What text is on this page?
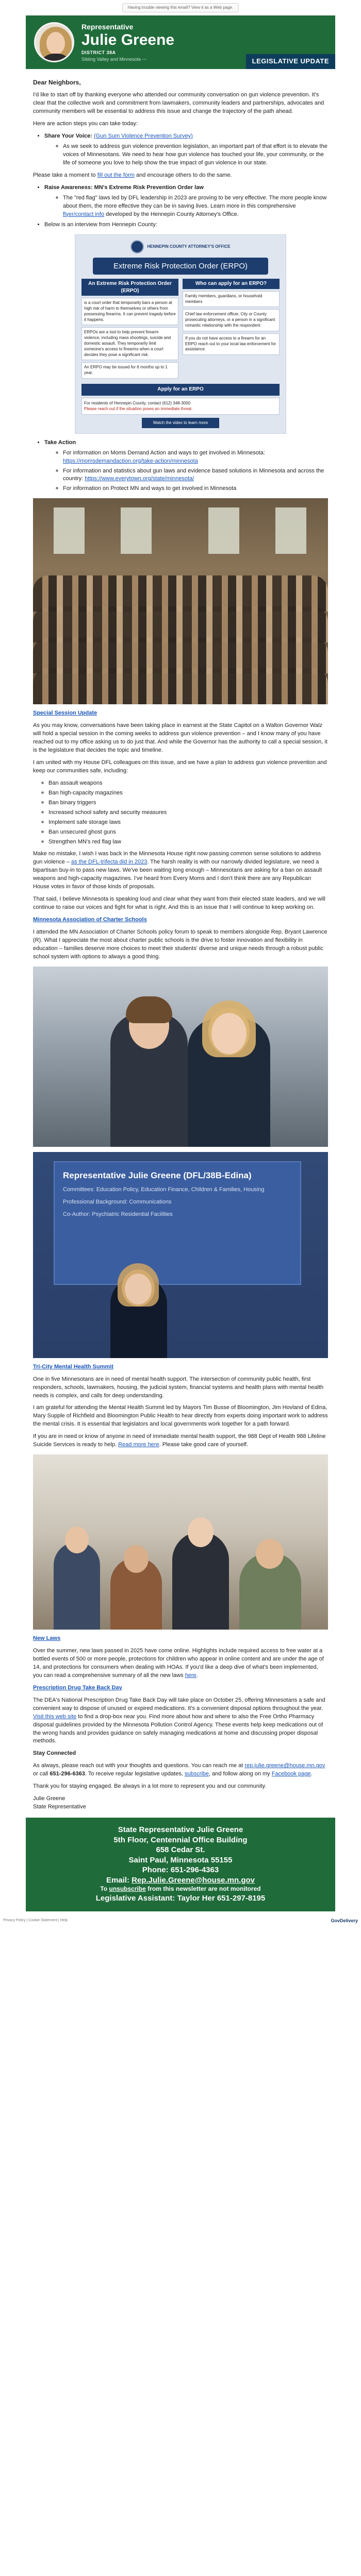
Having trouble viewing this email? View it as a Web page.
Representative
Julie Greene
DISTRICT 38A
Sibling Valley and Minnesota ---	LEGISLATIVE UPDATE

Dear Neighbors,

I'd like to start off by thanking everyone who attended our community conversation on gun violence prevention. It's clear that the collective work and commitment from lawmakers, community leaders and partnerships, advocates and community members will be essential to address this issue and change the trajectory of the path ahead.

Here are action steps you can take today:

• Share Your Voice: (Gun Sum Violence Prevention Survey)
◦ As we seek to address gun violence prevention legislation, an important part of that effort is to elevate the voices of Minnesotans. We need to hear how gun violence has touched your life, your community, or the life of someone you love to help show the true impact of gun violence in our state.

Please take a moment to fill out the form and encourage others to do the same.

• Raise Awareness: MN's Extreme Risk Prevention Order law
◦ The "red flag" laws led by DFL leadership in 2023 are proving to be very effective. The more people know about them, the more effective they can be in saving lives. Learn more in this comprehensive flyer/contact info developed by the Hennepin County Attorney's Office.
• Below is an interview from Hennepin County:
HENNEPIN COUNTY ATTORNEY'S OFFICE
Extreme Risk Protection Order (ERPO)
An Extreme Risk Protection Order (ERPO)
is a court order that temporarily bars a person at high risk of harm to themselves or others from possessing firearms. It can prevent tragedy before it happens.
ERPOs are a tool to help prevent firearm violence, including mass shootings, suicide and domestic assault. They temporarily limit someone's access to firearms when a court decides they pose a significant risk.
An ERPO may be issued for 6 months up to 1 year.
Who can apply for an ERPO?
Family members, guardians, or household members
Chief law enforcement officer, City or County prosecuting attorneys, or a person in a significant romantic relationship with the respondent
If you do not have access to a firearm for an ERPO reach out to your local law enforcement for assistance.
Apply for an ERPO
For residents of Hennepin County, contact (612) 348-3000
Please reach out if the situation poses an immediate threat.
Watch the video to learn more
• Take Action
◦ For information on Moms Demand Action and ways to get involved in Minnesota: https://momsdemandaction.org/take-action/minnesota
◦ For information and statistics about gun laws and evidence based solutions in Minnesota and across the country: https://www.everytown.org/state/minnesota/
◦ For information on Protect MN and ways to get involved in Minnesota

Special Session Update

As you may know, conversations have been taking place in earnest at the State Capitol on a Walton Governor Walz will hold a special session in the coming weeks to address gun violence prevention – and I know many of you have reached out to my office asking us to do just that. And while the Governor has the authority to call a special session, it is the legislature that decides the topic and timeline.

I am united with my House DFL colleagues on this issue, and we have a plan to address gun violence prevention and keep our communities safe, including:

◦ Ban assault weapons
◦ Ban high-capacity magazines
◦ Ban binary triggers
◦ Increased school safety and security measures
◦ Implement safe storage laws
◦ Ban unsecured ghost guns
◦ Strengthen MN's red flag law

Make no mistake, I wish I was back in the Minnesota House right now passing common sense solutions to address gun violence – as the DFL-trifecta did in 2023. The harsh reality is with our narrowly divided legislature, we need a bipartisan buy-in to pass new laws. We've been waiting long enough – Minnesotans are asking for a ban on assault weapons and high-capacity magazines. I've heard from Every Moms and I don't think there are any Republican House votes in favor of those kinds of proposals.

That said, I believe Minnesota is speaking loud and clear what they want from their elected state leaders, and we will continue to raise our voices and fight for what is right. And this is an issue that I will continue to keep working on.

Minnesota Association of Charter Schools

I attended the MN Association of Charter Schools policy forum to speak to members alongside Rep. Bryant Lawrence (R). What I appreciate the most about charter public schools is the drive to foster innovation and flexibility in education – families deserve more choices to meet their students' diverse and unique needs through a robust public school system with options to always a good thing.

Representative Julie Greene (DFL/38B-Edina)
Committees: Education Policy, Education Finance, Children & Families, Housing
Professional Background: Communications
Co-Author: Psychiatric Residential Facilities

Tri-City Mental Health Summit

One in five Minnesotans are in need of mental health support. The intersection of community public health, first responders, schools, lawmakers, housing, the judicial system, financial systems and health plans with mental health needs is complex, and calls for deep understanding.

I am grateful for attending the Mental Health Summit led by Mayors Tim Busse of Bloomington, Jim Hovland of Edina, Mary Supple of Richfield and Bloomington Public Health to hear directly from experts doing important work to address the mental crisis. It is essential that legislators and local governments work together for a path forward.

If you are in need or know of anyone in need of immediate mental health support, the 988 Dept of Health 988 Lifeline Suicide Services is ready to help. Read more here. Please take good care of yourself.

New Laws

Over the summer, new laws passed in 2025 have come online. Highlights include required access to free water at a bottled events of 500 or more people, protections for children who appear in online content and are under the age of 14, and protections for consumers when dealing with HOAs. If you'd like a deep dive of what's been implemented, you can read a comprehensive summary of all the new laws here.

Prescription Drug Take Back Day

The DEA's National Prescription Drug Take Back Day will take place on October 25, offering Minnesotans a safe and convenient way to dispose of unused or expired medications. It's a convenient disposal options throughout the year. Visit this web site to find a drop-box near you. Find more about how and where to also the Free Ortho Pharmacy disposal guidelines provided by the Minnesota Pollution Control Agency. These events help keep medications out of the wrong hands and provides guidance on safely managing medications at home and discussing proper disposal methods.

Stay Connected

As always, please reach out with your thoughts and questions. You can reach me at rep.julie.greene@house.mn.gov or call 651-296-6363. To receive regular legislative updates, subscribe, and follow along on my Facebook page.

Thank you for staying engaged. Be always in a lot more to represent you and our community.

Julie Greene
State Representative
State Representative Julie Greene
5th Floor, Centennial Office Building
658 Cedar St.
Saint Paul, Minnesota 55155
Phone: 651-296-4363
Email: Rep.Julie.Greene@house.mn.gov
To unsubscribe from this newsletter are not monitored
Legislative Assistant: Taylor Her 651-297-8195
Privacy Policy | Cookie Statement | Help	GovDelivery
